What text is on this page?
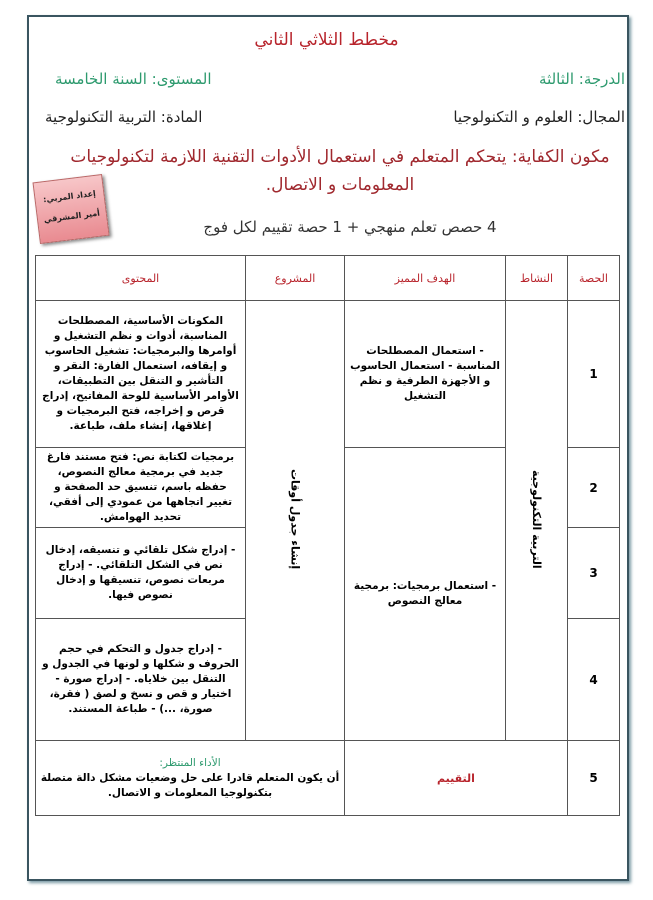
مخطط الثلاثي الثاني
الدرجة: الثالثة
المستوى: السنة الخامسة
المجال: العلوم و التكنولوجيا
المادة: التربية التكنولوجية
مكون الكفاية: يتحكم المتعلم في استعمال الأدوات التقنية اللازمة لتكنولوجيات المعلومات و الاتصال.
4 حصص تعلم منهجي + 1 حصة تقييم لكل فوج
إعداد المربي:
أمير المشرقي
الحصة	النشاط	الهدف المميز	المشروع	المحتوى
1	التربية التكنولوجية	- استعمال المصطلحات المناسبة - استعمال الحاسوب و الأجهزة الطرفية و نظم التشغيل	إنشاء جدول أوقات	المكونات الأساسية، المصطلحات المناسبة، أدوات و نظم التشغيل و أوامرها والبرمجيات: تشغيل الحاسوب و إيقافه، استعمال الفارة: النقر و التأشير و التنقل بين التطبيقات، الأوامر الأساسية للوحة المفاتيح، إدراج قرص و إخراجه، فتح البرمجيات و إغلاقها، إنشاء ملف، طباعة.
2		- استعمال برمجيات: برمجية معالج النصوص		برمجيات لكتابة نص: فتح مستند فارغ جديد في برمجية معالج النصوص، حفظه باسم، تنسيق حد الصفحة و تغيير اتجاهها من عمودي إلى أفقي، تحديد الهوامش.
3				- إدراج شكل تلقائي و تنسيقه، إدخال نص في الشكل التلقائي. - إدراج مربعات نصوص، تنسيقها و إدخال نصوص فيها.
4				- إدراج جدول و التحكم في حجم الحروف و شكلها و لونها في الجدول و التنقل بين خلاياه. - إدراج صورة - اختيار و قص و نسخ و لصق ( فقرة، صورة، ...) - طباعة المستند.
5	التقييم		الأداء المنتظر:
أن يكون المتعلم قادرا على حل وضعيات مشكل دالة متصلة بتكنولوجيا المعلومات و الاتصال.	
